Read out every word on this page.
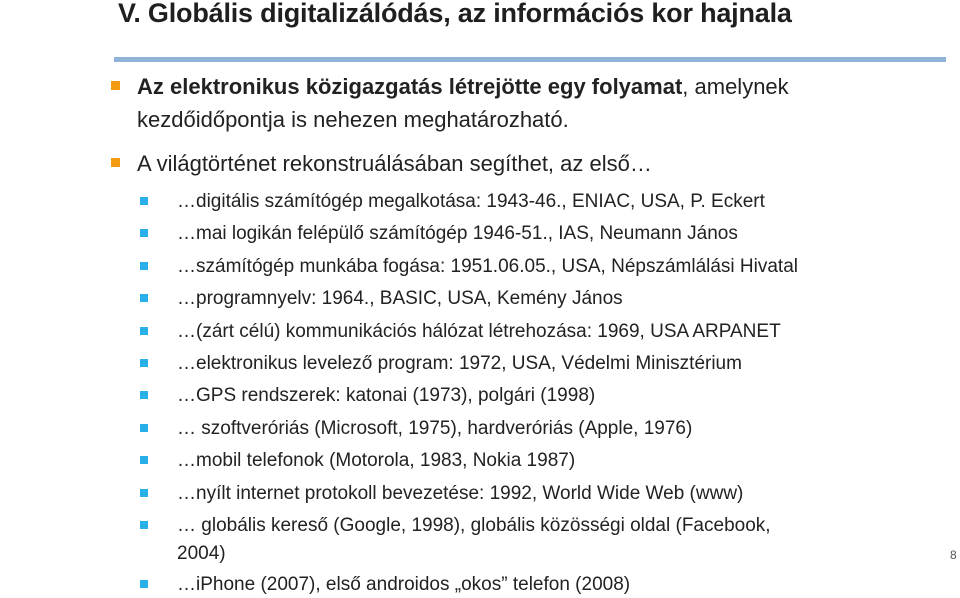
V. Globális digitalizálódás, az információs kor hajnala
Az elektronikus közigazgatás létrejötte egy folyamat, amelynek
kezdőidőpontja is nehezen meghatározható.
A világtörténet rekonstruálásában segíthet, az első…
…digitális számítógép megalkotása: 1943-46., ENIAC, USA, P. Eckert
…mai logikán felépülő számítógép 1946-51., IAS, Neumann János
…számítógép munkába fogása: 1951.06.05., USA, Népszámlálási Hivatal
…programnyelv: 1964., BASIC, USA, Kemény János
…(zárt célú) kommunikációs hálózat létrehozása: 1969, USA ARPANET
…elektronikus levelező program: 1972, USA, Védelmi Minisztérium
…GPS rendszerek: katonai (1973), polgári (1998)
… szoftveróriás (Microsoft, 1975), hardveróriás (Apple, 1976)
…mobil telefonok (Motorola, 1983, Nokia 1987)
…nyílt internet protokoll bevezetése: 1992, World Wide Web (www)
… globális kereső (Google, 1998), globális közösségi oldal (Facebook,
2004)
…iPhone (2007), első androidos „okos” telefon (2008)
8
